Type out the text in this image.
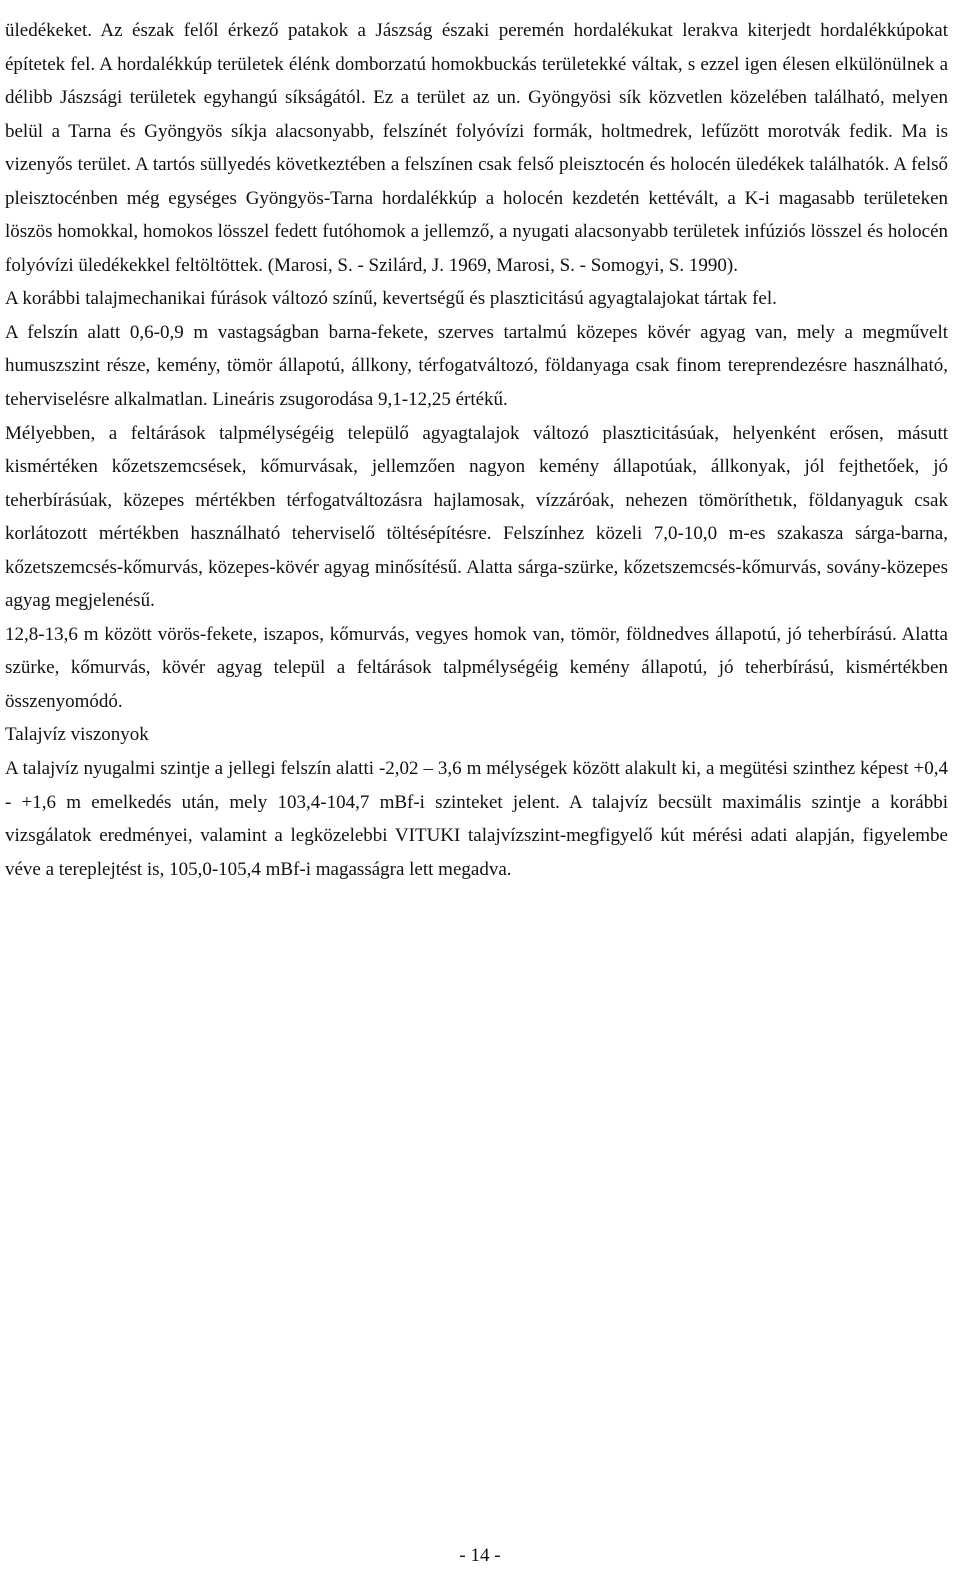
üledékeket. Az észak felől érkező patakok a Jászság északi peremén hordalékukat lerakva kiterjedt hordalékkúpokat építetek fel. A hordalékkúp területek élénk domborzatú homokbuckás területekké váltak, s ezzel igen élesen elkülönülnek a délibb Jászsági területek egyhangú síkságától. Ez a terület az un. Gyöngyösi sík közvetlen közelében található, melyen belül a Tarna és Gyöngyös síkja alacsonyabb, felszínét folyóvízi formák, holtmedrek, lefűzött morotvák fedik. Ma is vizenyős terület. A tartós süllyedés következtében a felszínen csak felső pleisztocén és holocén üledékek találhatók. A felső pleisztocénben még egységes Gyöngyös-Tarna hordalékkúp a holocén kezdetén kettévált, a K-i magasabb területeken löszös homokkal, homokos lösszel fedett futóhomok a jellemző, a nyugati alacsonyabb területek infúziós lösszel és holocén folyóvízi üledékekkel feltöltöttek. (Marosi, S. - Szilárd, J. 1969, Marosi, S. - Somogyi, S. 1990).

A korábbi talajmechanikai fúrások változó színű, kevertségű és plaszticitású agyagtalajokat tártak fel.

A felszín alatt 0,6-0,9 m vastagságban barna-fekete, szerves tartalmú közepes kövér agyag van, mely a megművelt humuszszint része, kemény, tömör állapotú, állkony, térfogatváltozó, földanyaga csak finom tereprendezésre használható, teherviselésre alkalmatlan. Lineáris zsugorodása 9,1-12,25 értékű.

Mélyebben, a feltárások talpmélységéig települő agyagtalajok változó plaszticitásúak, helyenként erősen, másutt kismértéken kőzetszemcsések, kőmurvásak, jellemzően nagyon kemény állapotúak, állkonyak, jól fejthetőek, jó teherbírásúak, közepes mértékben térfogatváltozásra hajlamosak, vízzáróak, nehezen tömöríthetık, földanyaguk csak korlátozott mértékben használható teherviselő töltésépítésre. Felszínhez közeli 7,0-10,0 m-es szakasza sárga-barna, kőzetszemcsés-kőmurvás, közepes-kövér agyag minősítésű. Alatta sárga-szürke, kőzetszemcsés-kőmurvás, sovány-közepes agyag megjelenésű.

12,8-13,6 m között vörös-fekete, iszapos, kőmurvás, vegyes homok van, tömör, földnedves állapotú, jó teherbírású. Alatta szürke, kőmurvás, kövér agyag települ a feltárások talpmélységéig kemény állapotú, jó teherbírású, kismértékben összenyomódó.

Talajvíz viszonyok

A talajvíz nyugalmi szintje a jellegi felszín alatti -2,02 – 3,6 m mélységek között alakult ki, a megütési szinthez képest +0,4 - +1,6 m emelkedés után, mely 103,4-104,7 mBf-i szinteket jelent. A talajvíz becsült maximális szintje a korábbi vizsgálatok eredményei, valamint a legközelebbi VITUKI talajvízszint-megfigyelő kút mérési adati alapján, figyelembe véve a tereplejtést is, 105,0-105,4 mBf-i magasságra lett megadva.

- 14 -
